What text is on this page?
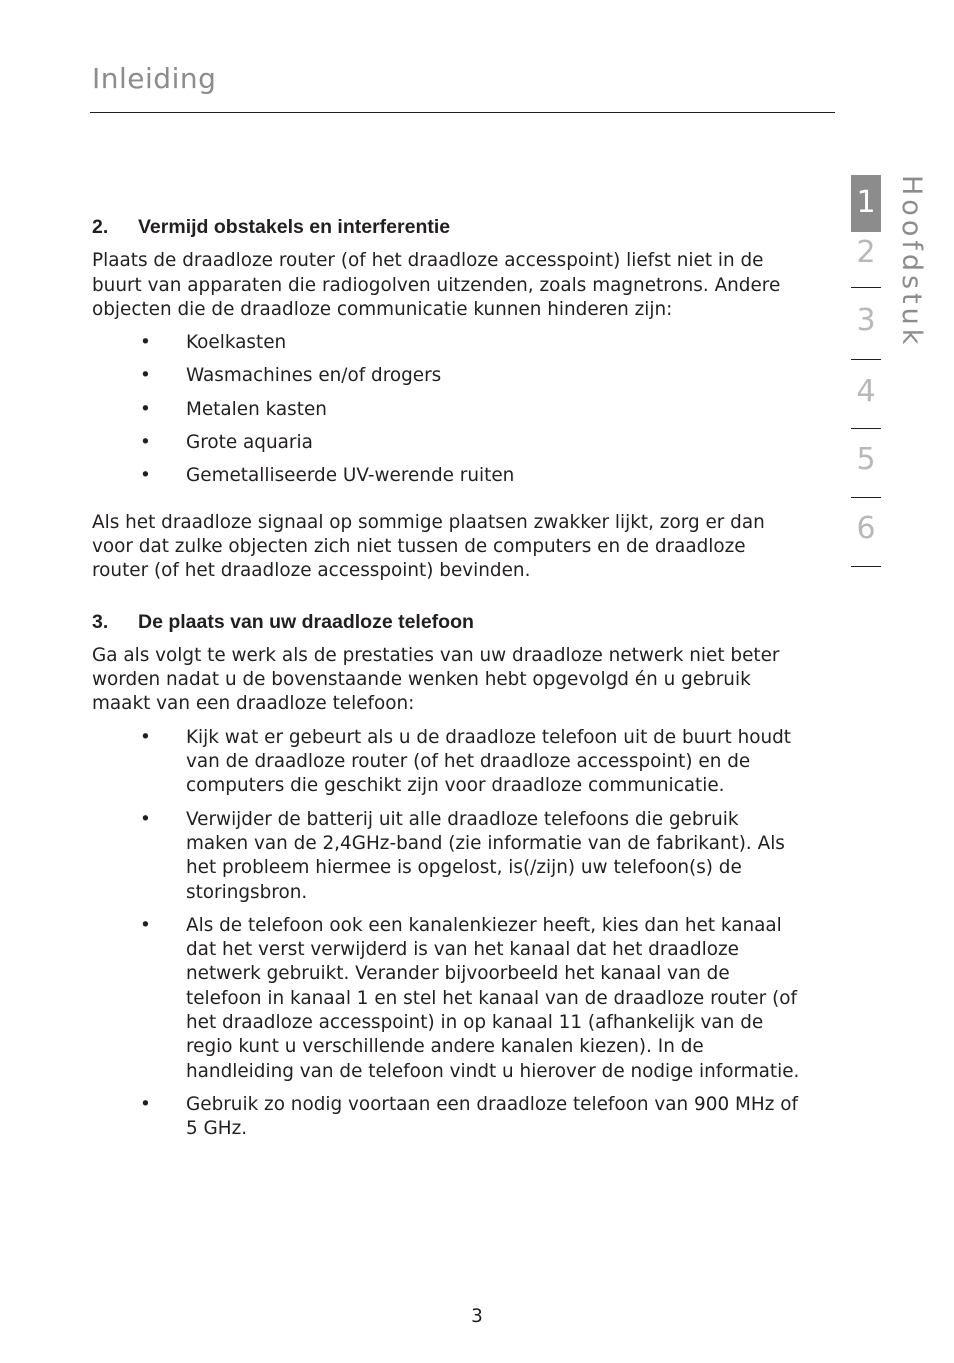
Inleiding
1
2
3
4
5
6
Hoofdstuk
2.	Vermijd obstakels en interferentie

Plaats de draadloze router (of het draadloze accesspoint) liefst niet in de buurt van apparaten die radiogolven uitzenden, zoals magnetrons. Andere objecten die de draadloze communicatie kunnen hinderen zijn:

• Koelkasten
• Wasmachines en/of drogers
• Metalen kasten
• Grote aquaria
• Gemetalliseerde UV-werende ruiten

Als het draadloze signaal op sommige plaatsen zwakker lijkt, zorg er dan voor dat zulke objecten zich niet tussen de computers en de draadloze router (of het draadloze accesspoint) bevinden.

3.	De plaats van uw draadloze telefoon

Ga als volgt te werk als de prestaties van uw draadloze netwerk niet beter worden nadat u de bovenstaande wenken hebt opgevolgd én u gebruik maakt van een draadloze telefoon:

• Kijk wat er gebeurt als u de draadloze telefoon uit de buurt houdt van de draadloze router (of het draadloze accesspoint) en de computers die geschikt zijn voor draadloze communicatie.
• Verwijder de batterij uit alle draadloze telefoons die gebruik maken van de 2,4GHz-band (zie informatie van de fabrikant). Als het probleem hiermee is opgelost, is(/zijn) uw telefoon(s) de storingsbron.
• Als de telefoon ook een kanalenkiezer heeft, kies dan het kanaal dat het verst verwijderd is van het kanaal dat het draadloze netwerk gebruikt. Verander bijvoorbeeld het kanaal van de telefoon in kanaal 1 en stel het kanaal van de draadloze router (of het draadloze accesspoint) in op kanaal 11 (afhankelijk van de regio kunt u verschillende andere kanalen kiezen). In de handleiding van de telefoon vindt u hierover de nodige informatie.
• Gebruik zo nodig voortaan een draadloze telefoon van 900 MHz of 5 GHz.
3
